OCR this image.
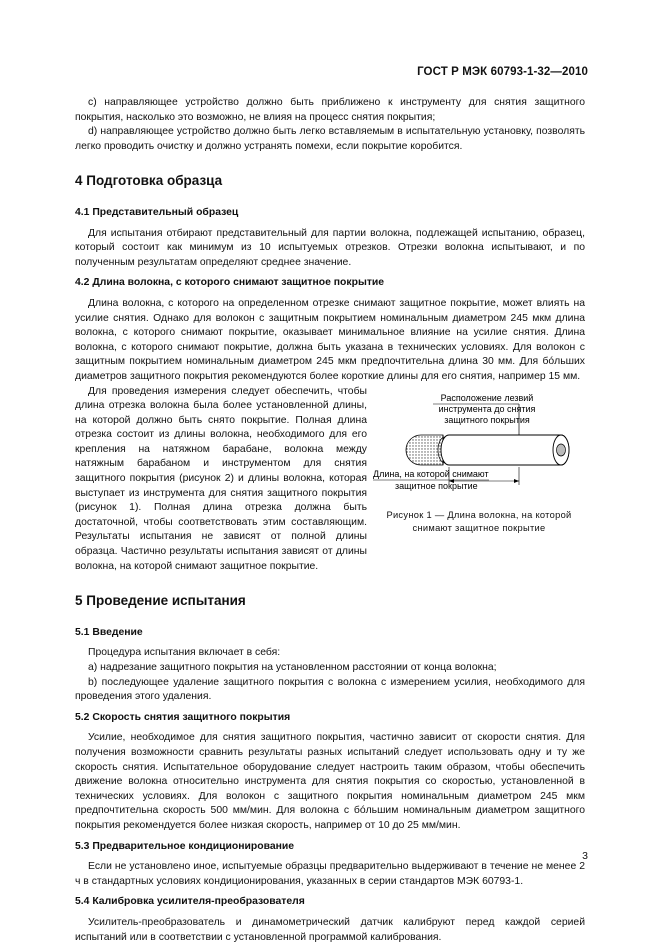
ГОСТ Р МЭК 60793-1-32—2010

с) направляющее устройство должно быть приближено к инструменту для снятия защитного покрытия, насколько это возможно, не влияя на процесс снятия покрытия;

d) направляющее устройство должно быть легко вставляемым в испытательную установку, позволять легко проводить очистку и должно устранять помехи, если покрытие коробится.

4 Подготовка образца
4.1 Представительный образец

Для испытания отбирают представительный для партии волокна, подлежащей испытанию, образец, который состоит как минимум из 10 испытуемых отрезков. Отрезки волокна испытывают, и по полученным результатам определяют среднее значение.

4.2 Длина волокна, с которого снимают защитное покрытие

Длина волокна, с которого на определенном отрезке снимают защитное покрытие, может влиять на усилие снятия. Однако для волокон с защитным покрытием номинальным диаметром 245 мкм длина волокна, с которого снимают покрытие, оказывает минимальное влияние на усилие снятия. Длина волокна, с которого снимают покрытие, должна быть указана в технических условиях. Для волокон с защитным покрытием номинальным диаметром 245 мкм предпочтительна длина 30 мм. Для бóльших диаметров защитного покрытия рекомендуются более короткие длины для его снятия, например 15 мм.

Для проведения измерения следует обеспечить, чтобы длина отрезка волокна была более установленной длины, на которой должно быть снято покрытие. Полная длина отрезка состоит из длины волокна, необходимого для его крепления на натяжном барабане, волокна между натяжным барабаном и инструментом для снятия защитного покрытия (рисунок 2) и длины волокна, которая выступает из инструмента для снятия защитного покрытия (рисунок 1). Полная длина отрезка должна быть достаточной, чтобы соответствовать этим составляющим. Результаты испытания не зависят от полной длины образца. Частично результаты испытания зависят от длины волокна, на которой снимают защитное покрытие.

Расположение лезвий
инструмента до снятия
защитного покрытия
Длина, на которой снимают
защитное покрытие
Рисунок 1 — Длина волокна, на которой
снимают защитное покрытие
5 Проведение испытания
5.1 Введение

Процедура испытания включает в себя:

a) надрезание защитного покрытия на установленном расстоянии от конца волокна;

b) последующее удаление защитного покрытия с волокна с измерением усилия, необходимого для проведения этого удаления.

5.2 Скорость снятия защитного покрытия

Усилие, необходимое для снятия защитного покрытия, частично зависит от скорости снятия. Для получения возможности сравнить результаты разных испытаний следует использовать одну и ту же скорость снятия. Испытательное оборудование следует настроить таким образом, чтобы обеспечить движение волокна относительно инструмента для снятия покрытия со скоростью, установленной в технических условиях. Для волокон с защитного покрытия номинальным диаметром 245 мкм предпочтительна скорость 500 мм/мин. Для волокна с бóльшим номинальным диаметром защитного покрытия рекомендуется более низкая скорость, например от 10 до 25 мм/мин.

5.3 Предварительное кондиционирование

Если не установлено иное, испытуемые образцы предварительно выдерживают в течение не менее 2 ч в стандартных условиях кондиционирования, указанных в серии стандартов МЭК 60793-1.

5.4 Калибровка усилителя-преобразователя

Усилитель-преобразователь и динамометрический датчик калибруют перед каждой серией испытаний или в соответствии с установленной программой калибрования.

3
